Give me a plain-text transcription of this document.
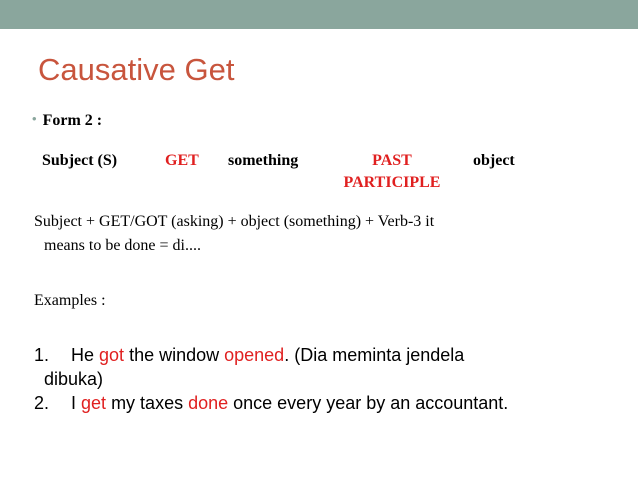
Causative Get
• Form 2 :
Subject (S)	GET something	PAST
PARTICIPLE
object
Subject + GET/GOT (asking) + object (something) + Verb-3 it
means to be done = di....
Examples :
1. He got the window opened. (Dia meminta jendela
dibuka)
2. I get my taxes done once every year by an accountant.
